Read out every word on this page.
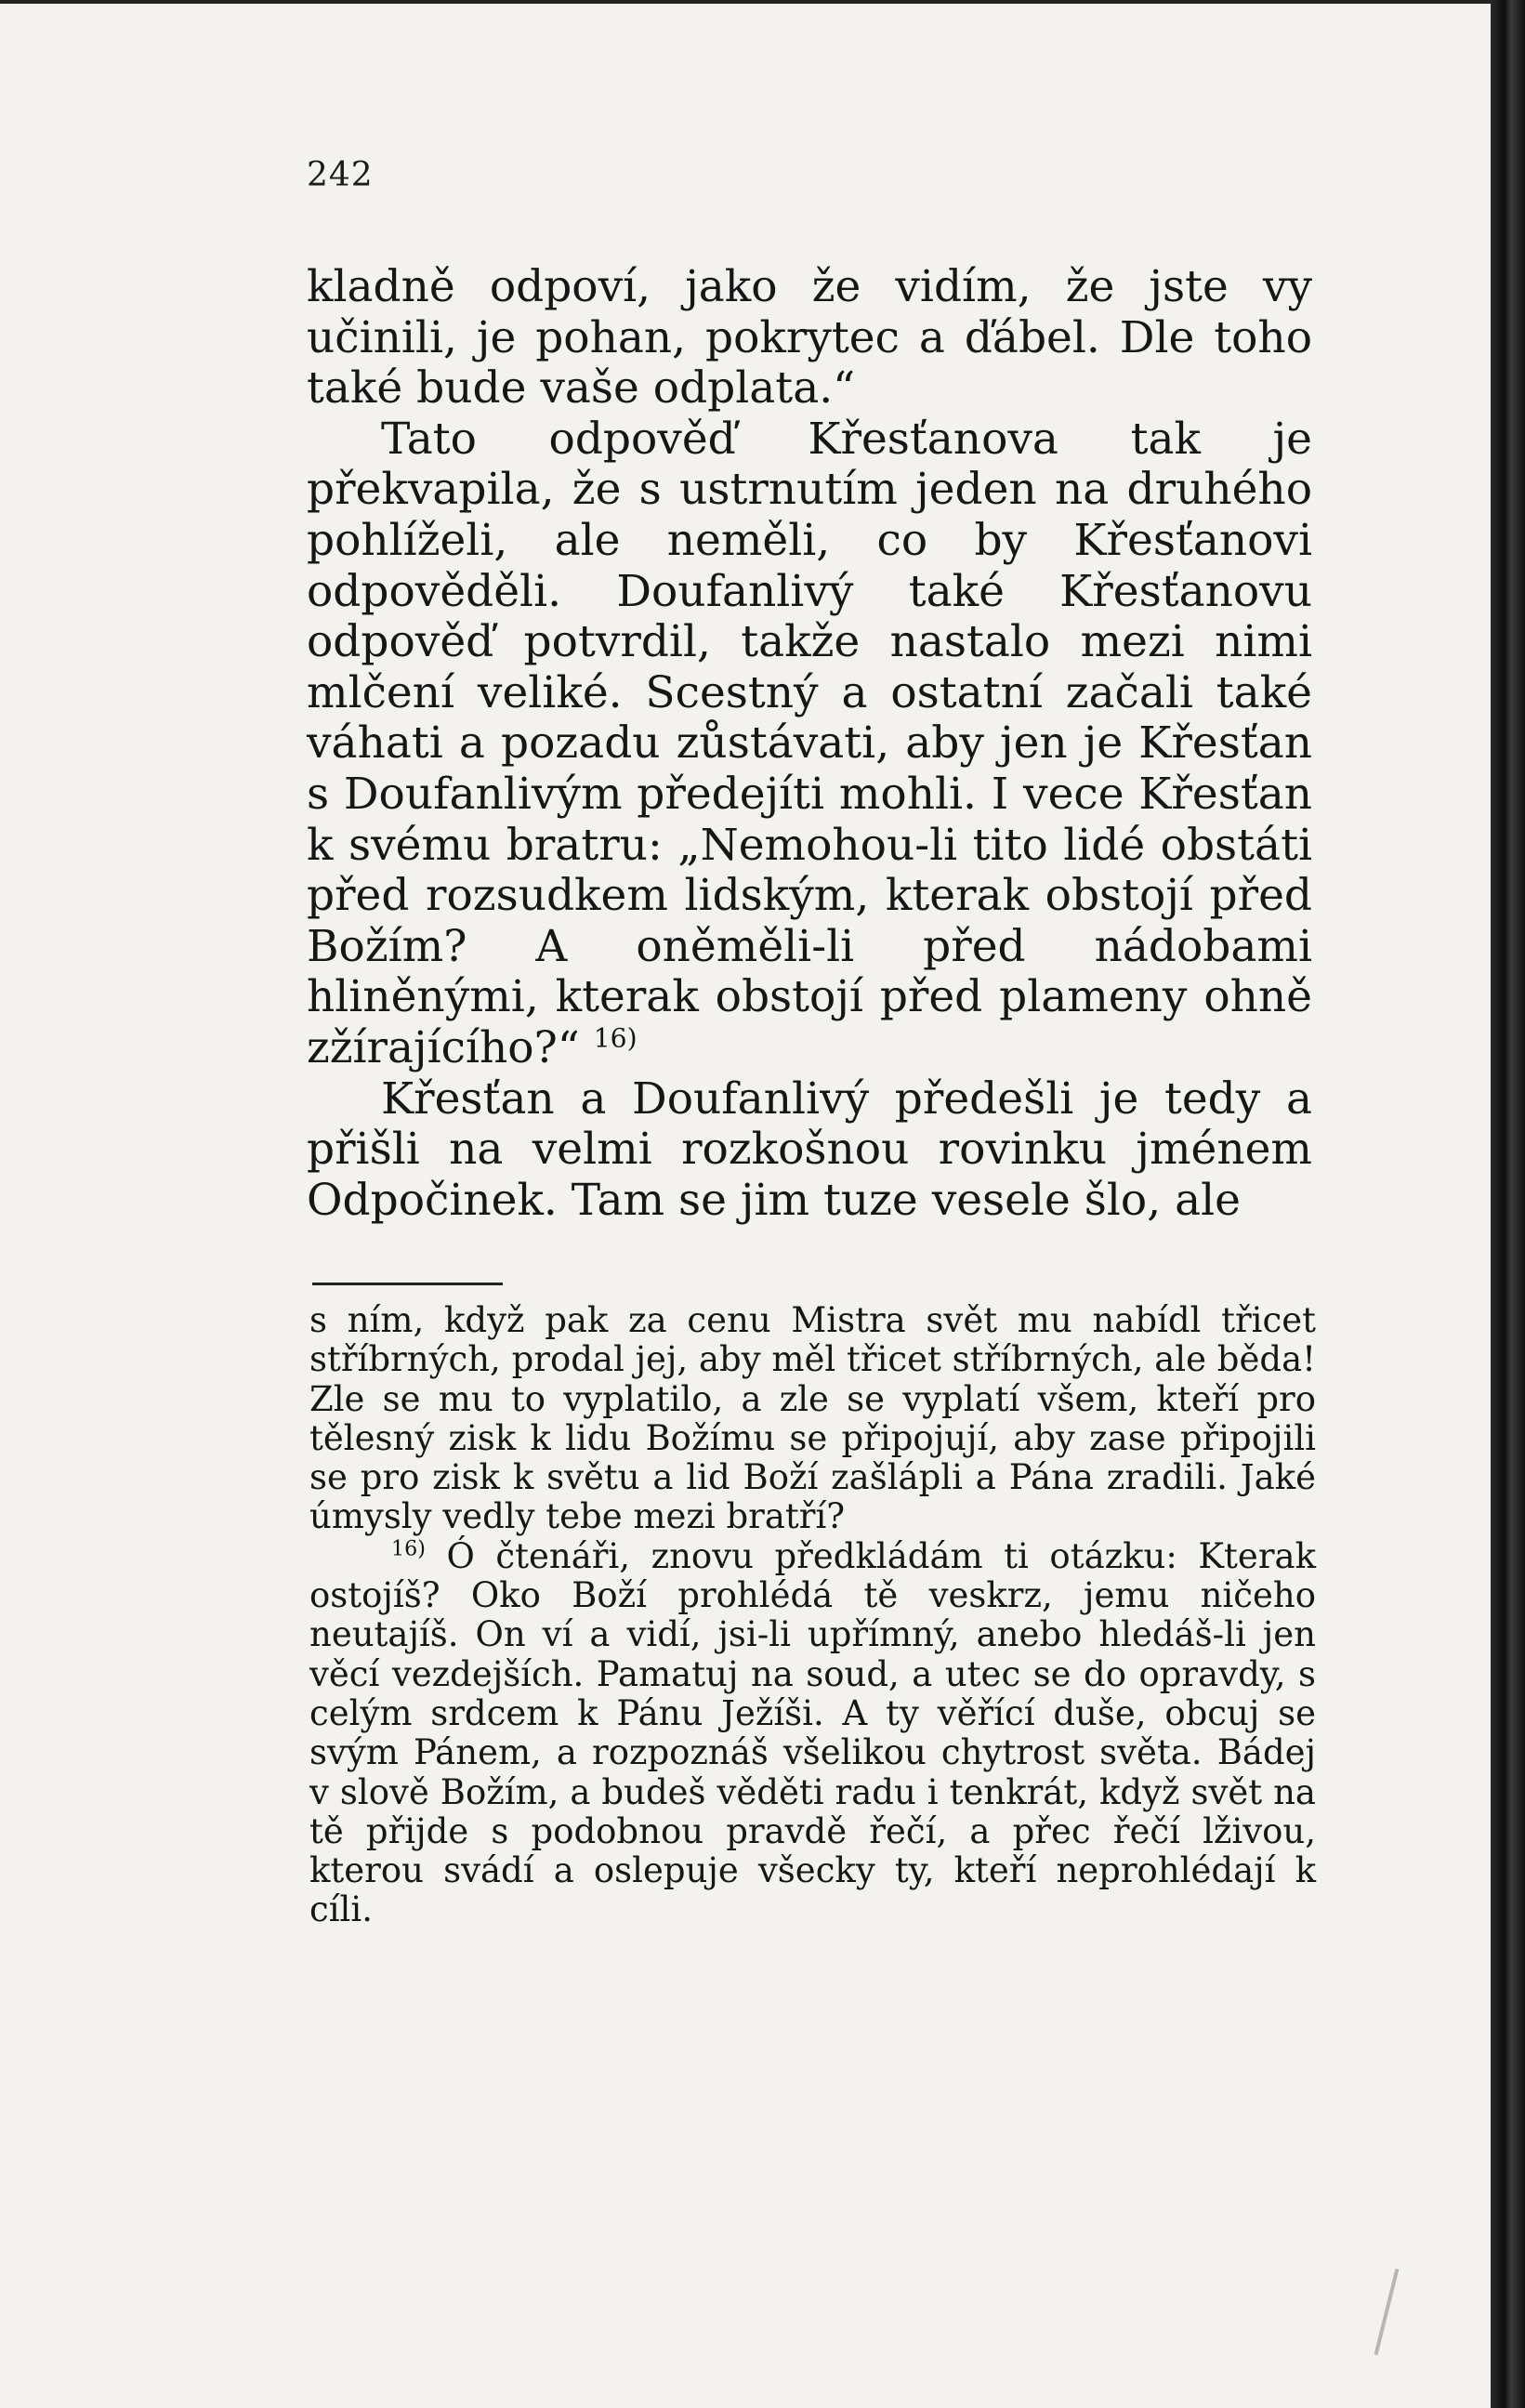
242

kladně odpoví, jako že vidím, že jste vy učinili, je pohan, pokrytec a ďábel. Dle toho také bude vaše odplata.“

Tato odpověď Křesťanova tak je překvapila, že s ustrnutím jeden na druhého pohlíželi, ale neměli, co by Křesťanovi odpověděli. Doufanlivý také Křesťanovu odpověď potvrdil, takže nastalo mezi nimi mlčení veliké. Scestný a ostatní začali také váhati a pozadu zůstávati, aby jen je Křesťan s Doufanlivým předejíti mohli. I vece Křesťan k svému bratru: „Nemohou-li tito lidé obstáti před rozsudkem lidským, kterak obstojí před Božím? A oněměli-li před nádobami hliněnými, kterak obstojí před plameny ohně zžírajícího?“ $^{16)}$

Křesťan a Doufanlivý předešli je tedy a přišli na velmi rozkošnou rovinku jménem Odpočinek. Tam se jim tuze vesele šlo, ale

s ním, když pak za cenu Mistra svět mu nabídl třicet stříbrných, prodal jej, aby měl třicet stříbrných, ale běda! Zle se mu to vyplatilo, a zle se vyplatí všem, kteří pro tělesný zisk k lidu Božímu se připojují, aby zase připojili se pro zisk k světu a lid Boží zašlápli a Pána zradili. Jaké úmysly vedly tebe mezi bratří?

$^{16)}$ Ó čtenáři, znovu předkládám ti otázku: Kterak ostojíš? Oko Boží prohlédá tě veskrz, jemu ničeho neutajíš. On ví a vidí, jsi-li upřímný, anebo hledáš-li jen věcí vezdejších. Pamatuj na soud, a utec se do opravdy, s celým srdcem k Pánu Ježíši. A ty věřící duše, obcuj se svým Pánem, a rozpoznáš všelikou chytrost světa. Bádej v slově Božím, a budeš věděti radu i tenkrát, když svět na tě přijde s podobnou pravdě řečí, a přec řečí lživou, kterou svádí a oslepuje všecky ty, kteří neprohlédají k cíli.
